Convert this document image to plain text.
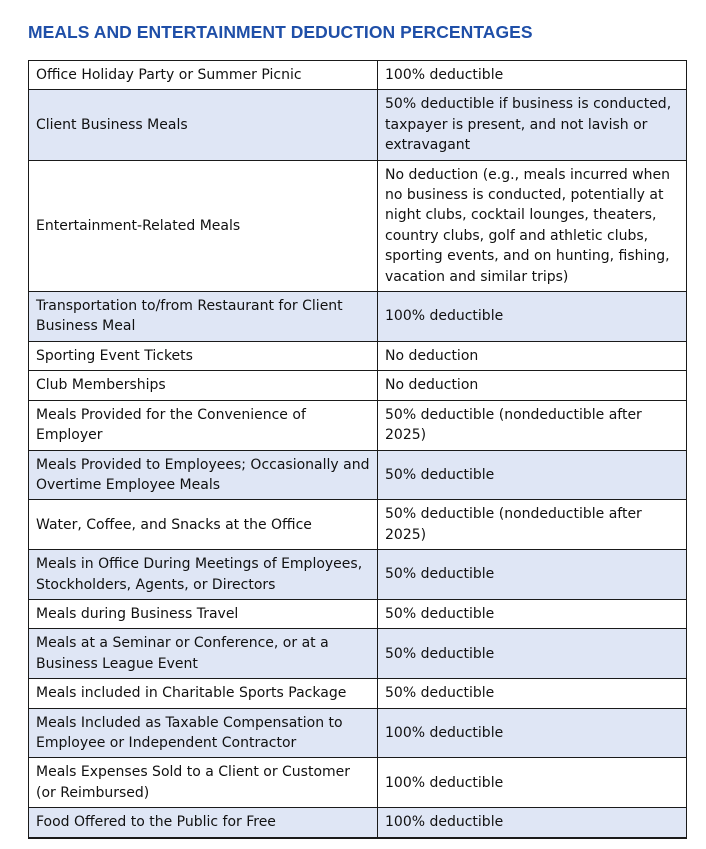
MEALS AND ENTERTAINMENT DEDUCTION PERCENTAGES
Office Holiday Party or Summer Picnic	100% deductible
Client Business Meals	50% deductible if business is conducted, taxpayer is present, and not lavish or extravagant
Entertainment-Related Meals	No deduction (e.g., meals incurred when no business is conducted, potentially at night clubs, cocktail lounges, theaters, country clubs, golf and athletic clubs, sporting events, and on hunting, fishing, vacation and similar trips)
Transportation to/from Restaurant for Client Business Meal	100% deductible
Sporting Event Tickets	No deduction
Club Memberships	No deduction
Meals Provided for the Convenience of Employer	50% deductible (nondeductible after 2025)
Meals Provided to Employees; Occasionally and Overtime Employee Meals	50% deductible
Water, Coffee, and Snacks at the Office	50% deductible (nondeductible after 2025)
Meals in Office During Meetings of Employees, Stockholders, Agents, or Directors	50% deductible
Meals during Business Travel	50% deductible
Meals at a Seminar or Conference, or at a Business League Event	50% deductible
Meals included in Charitable Sports Package	50% deductible
Meals Included as Taxable Compensation to Employee or Independent Contractor	100% deductible
Meals Expenses Sold to a Client or Customer (or Reimbursed)	100% deductible
Food Offered to the Public for Free	100% deductible
